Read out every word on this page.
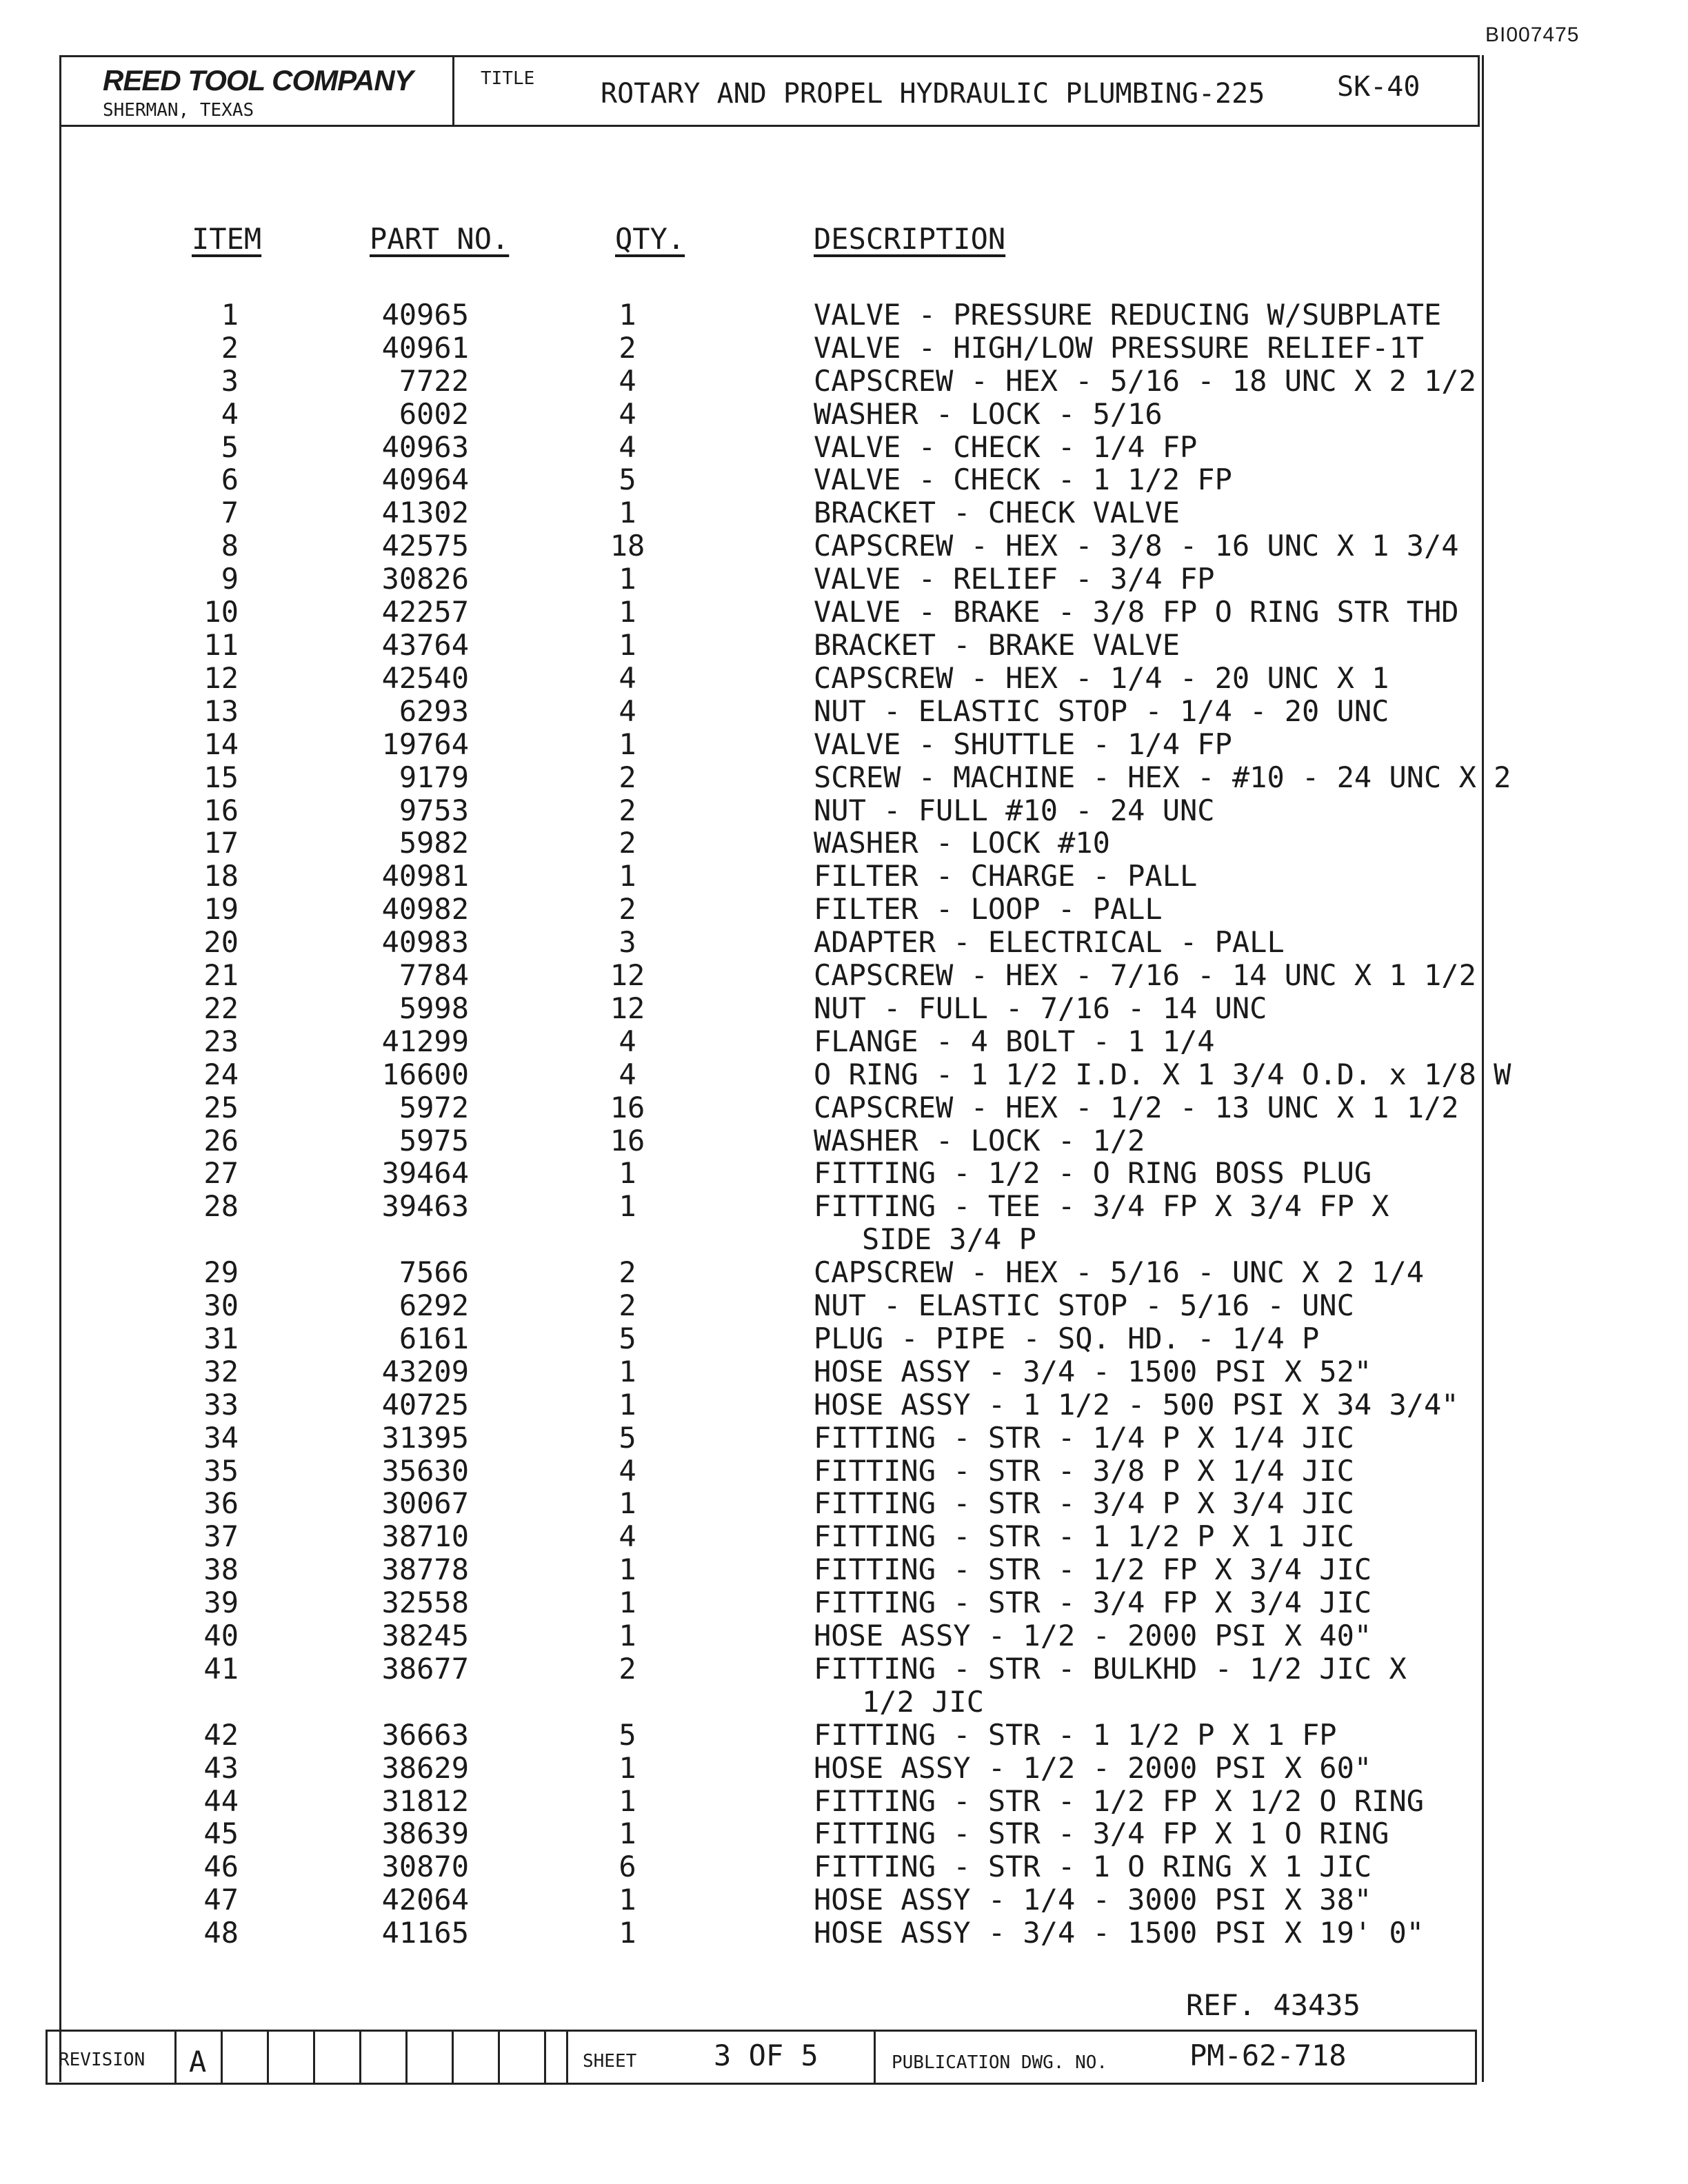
BI007475
REED TOOL COMPANY
SHERMAN, TEXAS
TITLE ROTARY AND PROPEL HYDRAULIC PLUMBING-225	SK-40
ITEM	PART NO.	QTY.	DESCRIPTION
1	40965	1	VALVE - PRESSURE REDUCING W/SUBPLATE
2	40961	2	VALVE - HIGH/LOW PRESSURE RELIEF-1T
3	7722	4	CAPSCREW - HEX - 5/16 - 18 UNC X 2 1/2
4	6002	4	WASHER - LOCK - 5/16
5	40963	4	VALVE - CHECK - 1/4 FP
6	40964	5	VALVE - CHECK - 1 1/2 FP
7	41302	1	BRACKET - CHECK VALVE
8	42575	18	CAPSCREW - HEX - 3/8 - 16 UNC X 1 3/4
9	30826	1	VALVE - RELIEF - 3/4 FP
10	42257	1	VALVE - BRAKE - 3/8 FP O RING STR THD
11	43764	1	BRACKET - BRAKE VALVE
12	42540	4	CAPSCREW - HEX - 1/4 - 20 UNC X 1
13	6293	4	NUT - ELASTIC STOP - 1/4 - 20 UNC
14	19764	1	VALVE - SHUTTLE - 1/4 FP
15	9179	2	SCREW - MACHINE - HEX - #10 - 24 UNC X 2
16	9753	2	NUT - FULL #10 - 24 UNC
17	5982	2	WASHER - LOCK #10
18	40981	1	FILTER - CHARGE - PALL
19	40982	2	FILTER - LOOP - PALL
20	40983	3	ADAPTER - ELECTRICAL - PALL
21	7784	12	CAPSCREW - HEX - 7/16 - 14 UNC X 1 1/2
22	5998	12	NUT - FULL - 7/16 - 14 UNC
23	41299	4	FLANGE - 4 BOLT - 1 1/4
24	16600	4	O RING - 1 1/2 I.D. X 1 3/4 O.D. x 1/8 W
25	5972	16	CAPSCREW - HEX - 1/2 - 13 UNC X 1 1/2
26	5975	16	WASHER - LOCK - 1/2
27	39464	1	FITTING - 1/2 - O RING BOSS PLUG
28	39463	1	FITTING - TEE - 3/4 FP X 3/4 FP X
SIDE 3/4 P
29	7566	2	CAPSCREW - HEX - 5/16 - UNC X 2 1/4
30	6292	2	NUT - ELASTIC STOP - 5/16 - UNC
31	6161	5	PLUG - PIPE - SQ. HD. - 1/4 P
32	43209	1	HOSE ASSY - 3/4 - 1500 PSI X 52"
33	40725	1	HOSE ASSY - 1 1/2 - 500 PSI X 34 3/4"
34	31395	5	FITTING - STR - 1/4 P X 1/4 JIC
35	35630	4	FITTING - STR - 3/8 P X 1/4 JIC
36	30067	1	FITTING - STR - 3/4 P X 3/4 JIC
37	38710	4	FITTING - STR - 1 1/2 P X 1 JIC
38	38778	1	FITTING - STR - 1/2 FP X 3/4 JIC
39	32558	1	FITTING - STR - 3/4 FP X 3/4 JIC
40	38245	1	HOSE ASSY - 1/2 - 2000 PSI X 40"
41	38677	2	FITTING - STR - BULKHD - 1/2 JIC X
1/2 JIC
42	36663	5	FITTING - STR - 1 1/2 P X 1 FP
43	38629	1	HOSE ASSY - 1/2 - 2000 PSI X 60"
44	31812	1	FITTING - STR - 1/2 FP X 1/2 O RING
45	38639	1	FITTING - STR - 3/4 FP X 1 O RING
46	30870	6	FITTING - STR - 1 O RING X 1 JIC
47	42064	1	HOSE ASSY - 1/4 - 3000 PSI X 38"
48	41165	1	HOSE ASSY - 3/4 - 1500 PSI X 19' 0"
REF. 43435
REVISION	A	SHEET	3 OF 5	PUBLICATION DWG. NO.	PM-62-718
